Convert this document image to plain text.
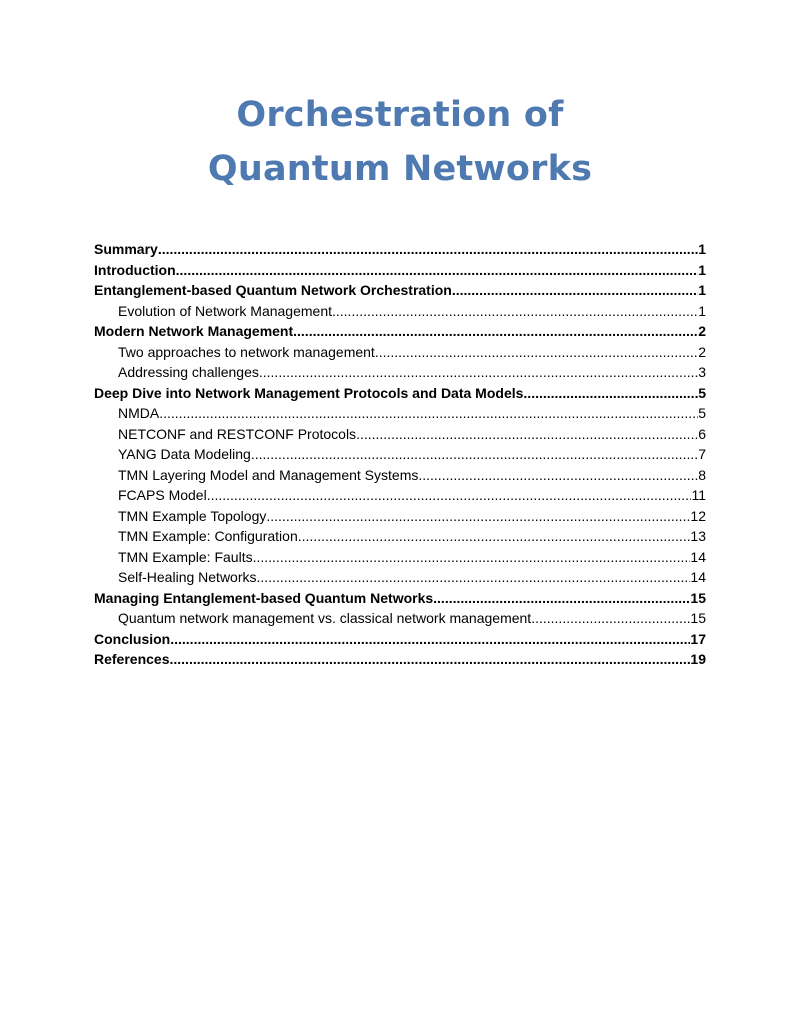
Orchestration of
Quantum Networks
Summary .....	1
Introduction .....	1
Entanglement-based Quantum Network Orchestration .....	1
Evolution of Network Management .....	1
Modern Network Management .....	2
Two approaches to network management .....	2
Addressing challenges .....	3
Deep Dive into Network Management Protocols and Data Models .....	5
NMDA .....	5
NETCONF and RESTCONF Protocols .....	6
YANG Data Modeling .....	7
TMN Layering Model and Management Systems .....	8
FCAPS Model .....	11
TMN Example Topology .....	12
TMN Example: Configuration .....	13
TMN Example: Faults .....	14
Self-Healing Networks .....	14
Managing Entanglement-based Quantum Networks .....	15
Quantum network management vs. classical network management .....	15
Conclusion .....	17
References .....	19
